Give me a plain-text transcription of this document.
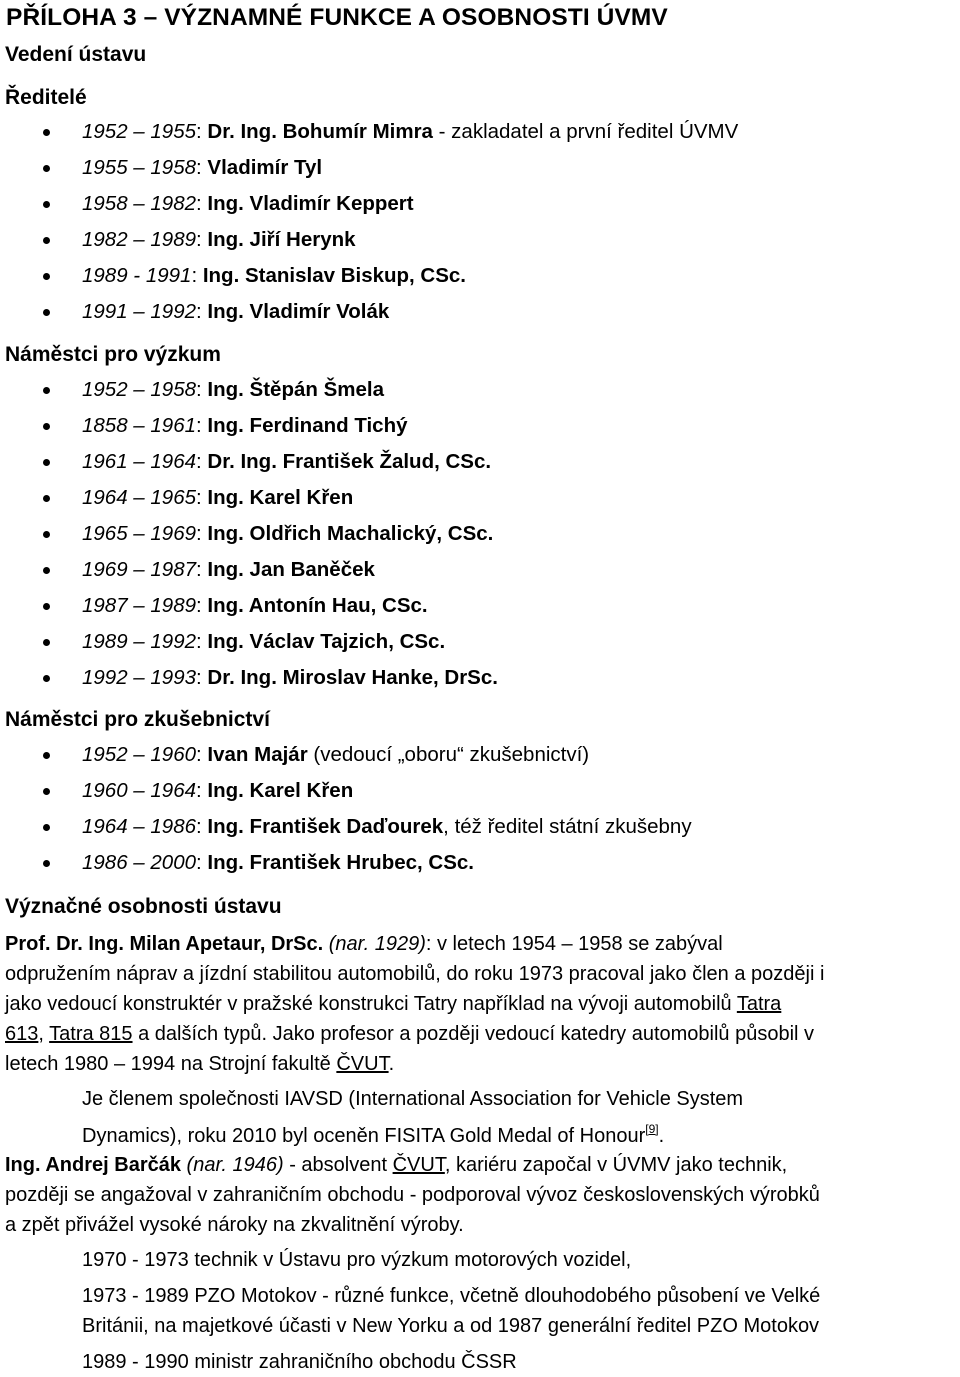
PŘÍLOHA 3 – VÝZNAMNÉ FUNKCE A OSOBNOSTI ÚVMV
Vedení ústavu
Ředitelé
1952 – 1955: Dr. Ing. Bohumír Mimra - zakladatel a první ředitel ÚVMV
1955 – 1958: Vladimír Tyl
1958 – 1982: Ing. Vladimír Keppert
1982 – 1989: Ing. Jiří Herynk
1989 - 1991: Ing. Stanislav Biskup, CSc.
1991 – 1992: Ing. Vladimír Volák
Náměstci pro výzkum
1952 – 1958: Ing. Štěpán Šmela
1858 – 1961: Ing. Ferdinand Tichý
1961 – 1964: Dr. Ing. František Žalud, CSc.
1964 – 1965: Ing. Karel Křen
1965 – 1969: Ing. Oldřich Machalický, CSc.
1969 – 1987: Ing. Jan Baněček
1987 – 1989: Ing. Antonín Hau, CSc.
1989 – 1992: Ing. Václav Tajzich, CSc.
1992 – 1993: Dr. Ing. Miroslav Hanke, DrSc.
Náměstci pro zkušebnictví
1952 – 1960: Ivan Majár (vedoucí „oboru“ zkušebnictví)
1960 – 1964: Ing. Karel Křen
1964 – 1986: Ing. František Daďourek, též ředitel státní zkušebny
1986 – 2000: Ing. František Hrubec, CSc.
Význačné osobnosti ústavu
Prof. Dr. Ing. Milan Apetaur, DrSc. (nar. 1929): v letech 1954 – 1958 se zabýval
odpružením náprav a jízdní stabilitou automobilů, do roku 1973 pracoval jako člen a později i
jako vedoucí konstruktér v pražské konstrukci Tatry například na vývoji automobilů Tatra
613, Tatra 815 a dalších typů. Jako profesor a později vedoucí katedry automobilů působil v
letech 1980 – 1994 na Strojní fakultě ČVUT.
Je členem společnosti IAVSD (International Association for Vehicle System
Dynamics), roku 2010 byl oceněn FISITA Gold Medal of Honour[9].
Ing. Andrej Barčák (nar. 1946) - absolvent ČVUT, kariéru započal v ÚVMV jako technik,
později se angažoval v zahraničním obchodu - podporoval vývoz československých výrobků
a zpět přivážel vysoké nároky na zkvalitnění výroby.
1970 - 1973 technik v Ústavu pro výzkum motorových vozidel,
1973 - 1989 PZO Motokov - různé funkce, včetně dlouhodobého působení ve Velké
Británii, na majetkové účasti v New Yorku a od 1987 generální ředitel PZO Motokov
1989 - 1990 ministr zahraničního obchodu ČSSR
